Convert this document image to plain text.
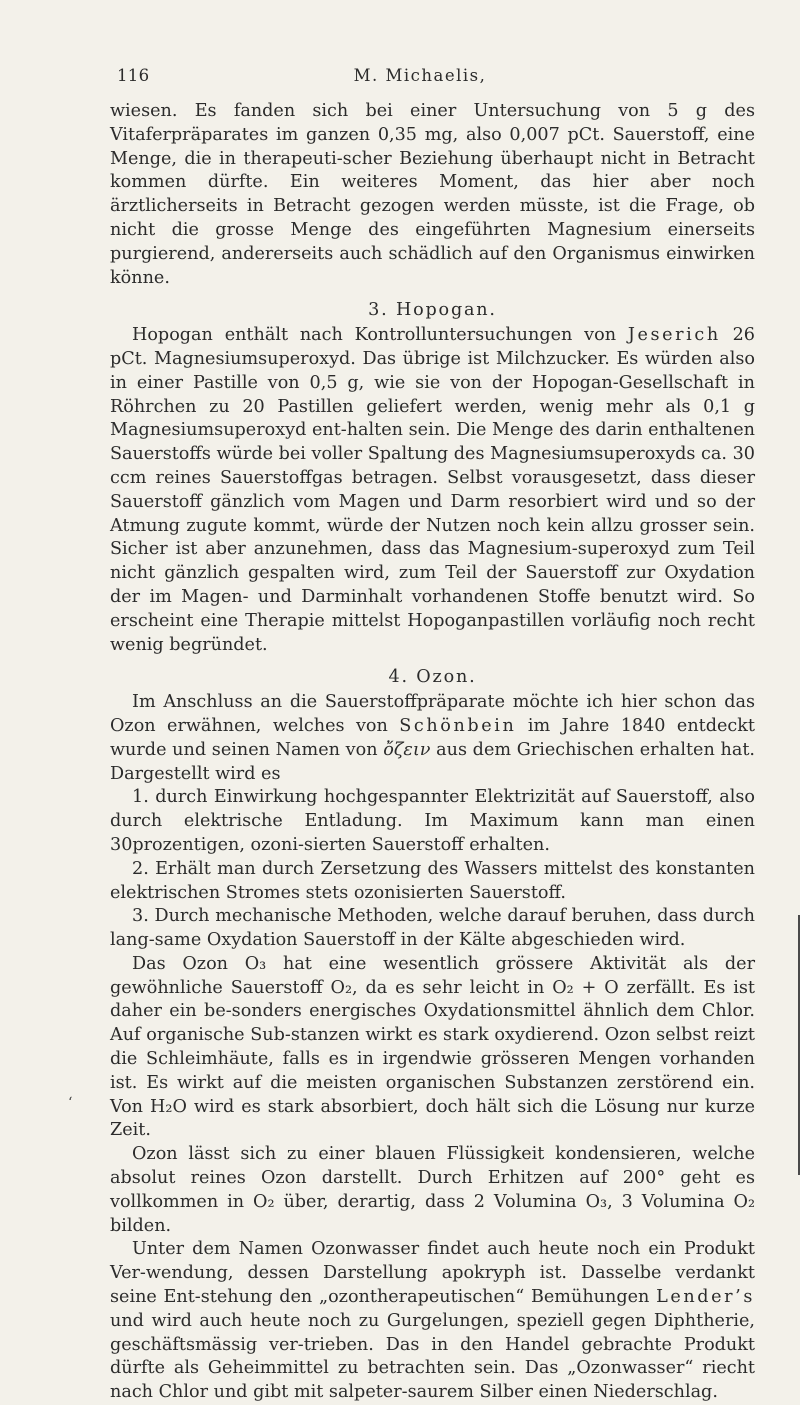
116	M. Michaelis,

wiesen. Es fanden sich bei einer Untersuchung von 5 g des Vitaferpräparates im ganzen 0,35 mg, also 0,007 pCt. Sauerstoff, eine Menge, die in therapeuti-scher Beziehung überhaupt nicht in Betracht kommen dürfte. Ein weiteres Moment, das hier aber noch ärztlicherseits in Betracht gezogen werden müsste, ist die Frage, ob nicht die grosse Menge des eingeführten Magnesium einerseits purgierend, andererseits auch schädlich auf den Organismus einwirken könne.

3. Hopogan.

Hopogan enthält nach Kontrolluntersuchungen von Jeserich 26 pCt. Magnesiumsuperoxyd. Das übrige ist Milchzucker. Es würden also in einer Pastille von 0,5 g, wie sie von der Hopogan-Gesellschaft in Röhrchen zu 20 Pastillen geliefert werden, wenig mehr als 0,1 g Magnesiumsuperoxyd ent-halten sein. Die Menge des darin enthaltenen Sauerstoffs würde bei voller Spaltung des Magnesiumsuperoxyds ca. 30 ccm reines Sauerstoffgas betragen. Selbst vorausgesetzt, dass dieser Sauerstoff gänzlich vom Magen und Darm resorbiert wird und so der Atmung zugute kommt, würde der Nutzen noch kein allzu grosser sein. Sicher ist aber anzunehmen, dass das Magnesium-superoxyd zum Teil nicht gänzlich gespalten wird, zum Teil der Sauerstoff zur Oxydation der im Magen- und Darminhalt vorhandenen Stoffe benutzt wird. So erscheint eine Therapie mittelst Hopoganpastillen vorläufig noch recht wenig begründet.

4. Ozon.

Im Anschluss an die Sauerstoffpräparate möchte ich hier schon das Ozon erwähnen, welches von Schönbein im Jahre 1840 entdeckt wurde und seinen Namen von ὄζειν aus dem Griechischen erhalten hat. Dargestellt wird es

1. durch Einwirkung hochgespannter Elektrizität auf Sauerstoff, also durch elektrische Entladung. Im Maximum kann man einen 30prozentigen, ozoni-sierten Sauerstoff erhalten.

2. Erhält man durch Zersetzung des Wassers mittelst des konstanten elektrischen Stromes stets ozonisierten Sauerstoff.

3. Durch mechanische Methoden, welche darauf beruhen, dass durch lang-same Oxydation Sauerstoff in der Kälte abgeschieden wird.

Das Ozon O₃ hat eine wesentlich grössere Aktivität als der gewöhnliche Sauerstoff O₂, da es sehr leicht in O₂ + O zerfällt. Es ist daher ein be-sonders energisches Oxydationsmittel ähnlich dem Chlor. Auf organische Sub-stanzen wirkt es stark oxydierend. Ozon selbst reizt die Schleimhäute, falls es in irgendwie grösseren Mengen vorhanden ist. Es wirkt auf die meisten organischen Substanzen zerstörend ein. Von H₂O wird es stark absorbiert, doch hält sich die Lösung nur kurze Zeit.

Ozon lässt sich zu einer blauen Flüssigkeit kondensieren, welche absolut reines Ozon darstellt. Durch Erhitzen auf 200° geht es vollkommen in O₂ über, derartig, dass 2 Volumina O₃, 3 Volumina O₂ bilden.

Unter dem Namen Ozonwasser findet auch heute noch ein Produkt Ver-wendung, dessen Darstellung apokryph ist. Dasselbe verdankt seine Ent-stehung den „ozontherapeutischen“ Bemühungen Lender’s und wird auch heute noch zu Gurgelungen, speziell gegen Diphtherie, geschäftsmässig ver-trieben. Das in den Handel gebrachte Produkt dürfte als Geheimmittel zu betrachten sein. Das „Ozonwasser“ riecht nach Chlor und gibt mit salpeter-saurem Silber einen Niederschlag.

ʻ
